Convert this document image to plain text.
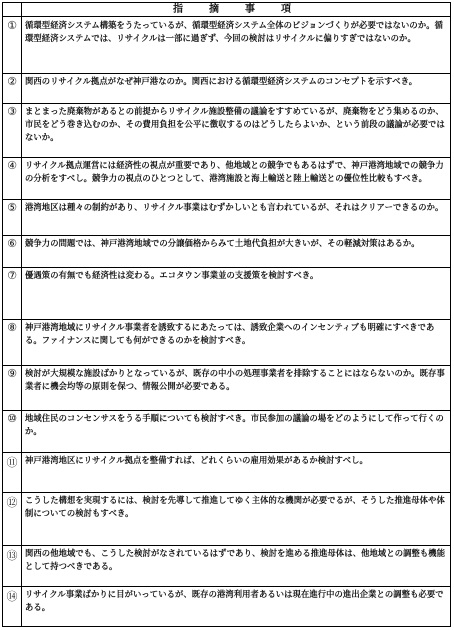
指　摘　事　項
① 循環型経済システム構築をうたっているが、循環型経済システム全体のビジョンづくりが必要ではないのか。循環型経済システムでは、リサイクルは一部に過ぎず、今回の検討はリサイクルに偏りすぎではないのか。
② 関西のリサイクル拠点がなぜ神戸港なのか。関西における循環型経済システムのコンセプトを示すべき。
③ まとまった廃棄物があるとの前提からリサイクル施設整備の議論をすすめているが、廃棄物をどう集めるのか、市民をどう巻き込むのか、その費用負担を公平に徴収するのはどうしたらよいか、という前段の議論が必要ではないか。
④ リサイクル拠点運営には経済性の視点が重要であり、他地域との競争でもあるはずで、神戸港湾地域での競争力の分析をすべし。競争力の視点のひとつとして、港湾施設と海上輸送と陸上輸送との優位性比較もすべき。
⑤ 港湾地区は種々の制約があり、リサイクル事業はむずかしいとも言われているが、それはクリアーできるのか。
⑥ 競争力の問題では、神戸港湾地域での分譲価格からみて土地代負担が大きいが、その軽減対策はあるか。
⑦ 優遇策の有無でも経済性は変わる。エコタウン事業並の支援策を検討すべき。
⑧ 神戸港湾地域にリサイクル事業者を誘致するにあたっては、誘致企業へのインセンティブも明確にすべきである。ファイナンスに関しても何ができるのかを検討すべき。
⑨ 検討が大規模な施設ばかりとなっているが、既存の中小の処理事業者を排除することにはならないのか。既存事業者に機会均等の原則を保つ、情報公開が必要である。
⑩ 地域住民のコンセンサスをうる手順についても検討すべき。市民参加の議論の場をどのようにして作って行くのか。
⑪ 神戸港湾地区にリサイクル拠点を整備すれば、どれくらいの雇用効果があるか検討すべし。
⑫ こうした構想を実現するには、検討を先導して推進してゆく主体的な機関が必要でるが、そうした推進母体や体制についての検討もすべき。
⑬ 関西の他地域でも、こうした検討がなされているはずであり、検討を進める推進母体は、他地域との調整も機能として持つべきである。
⑭ リサイクル事業ばかりに目がいっているが、既存の港湾利用者あるいは現在進行中の進出企業との調整も必要である。
